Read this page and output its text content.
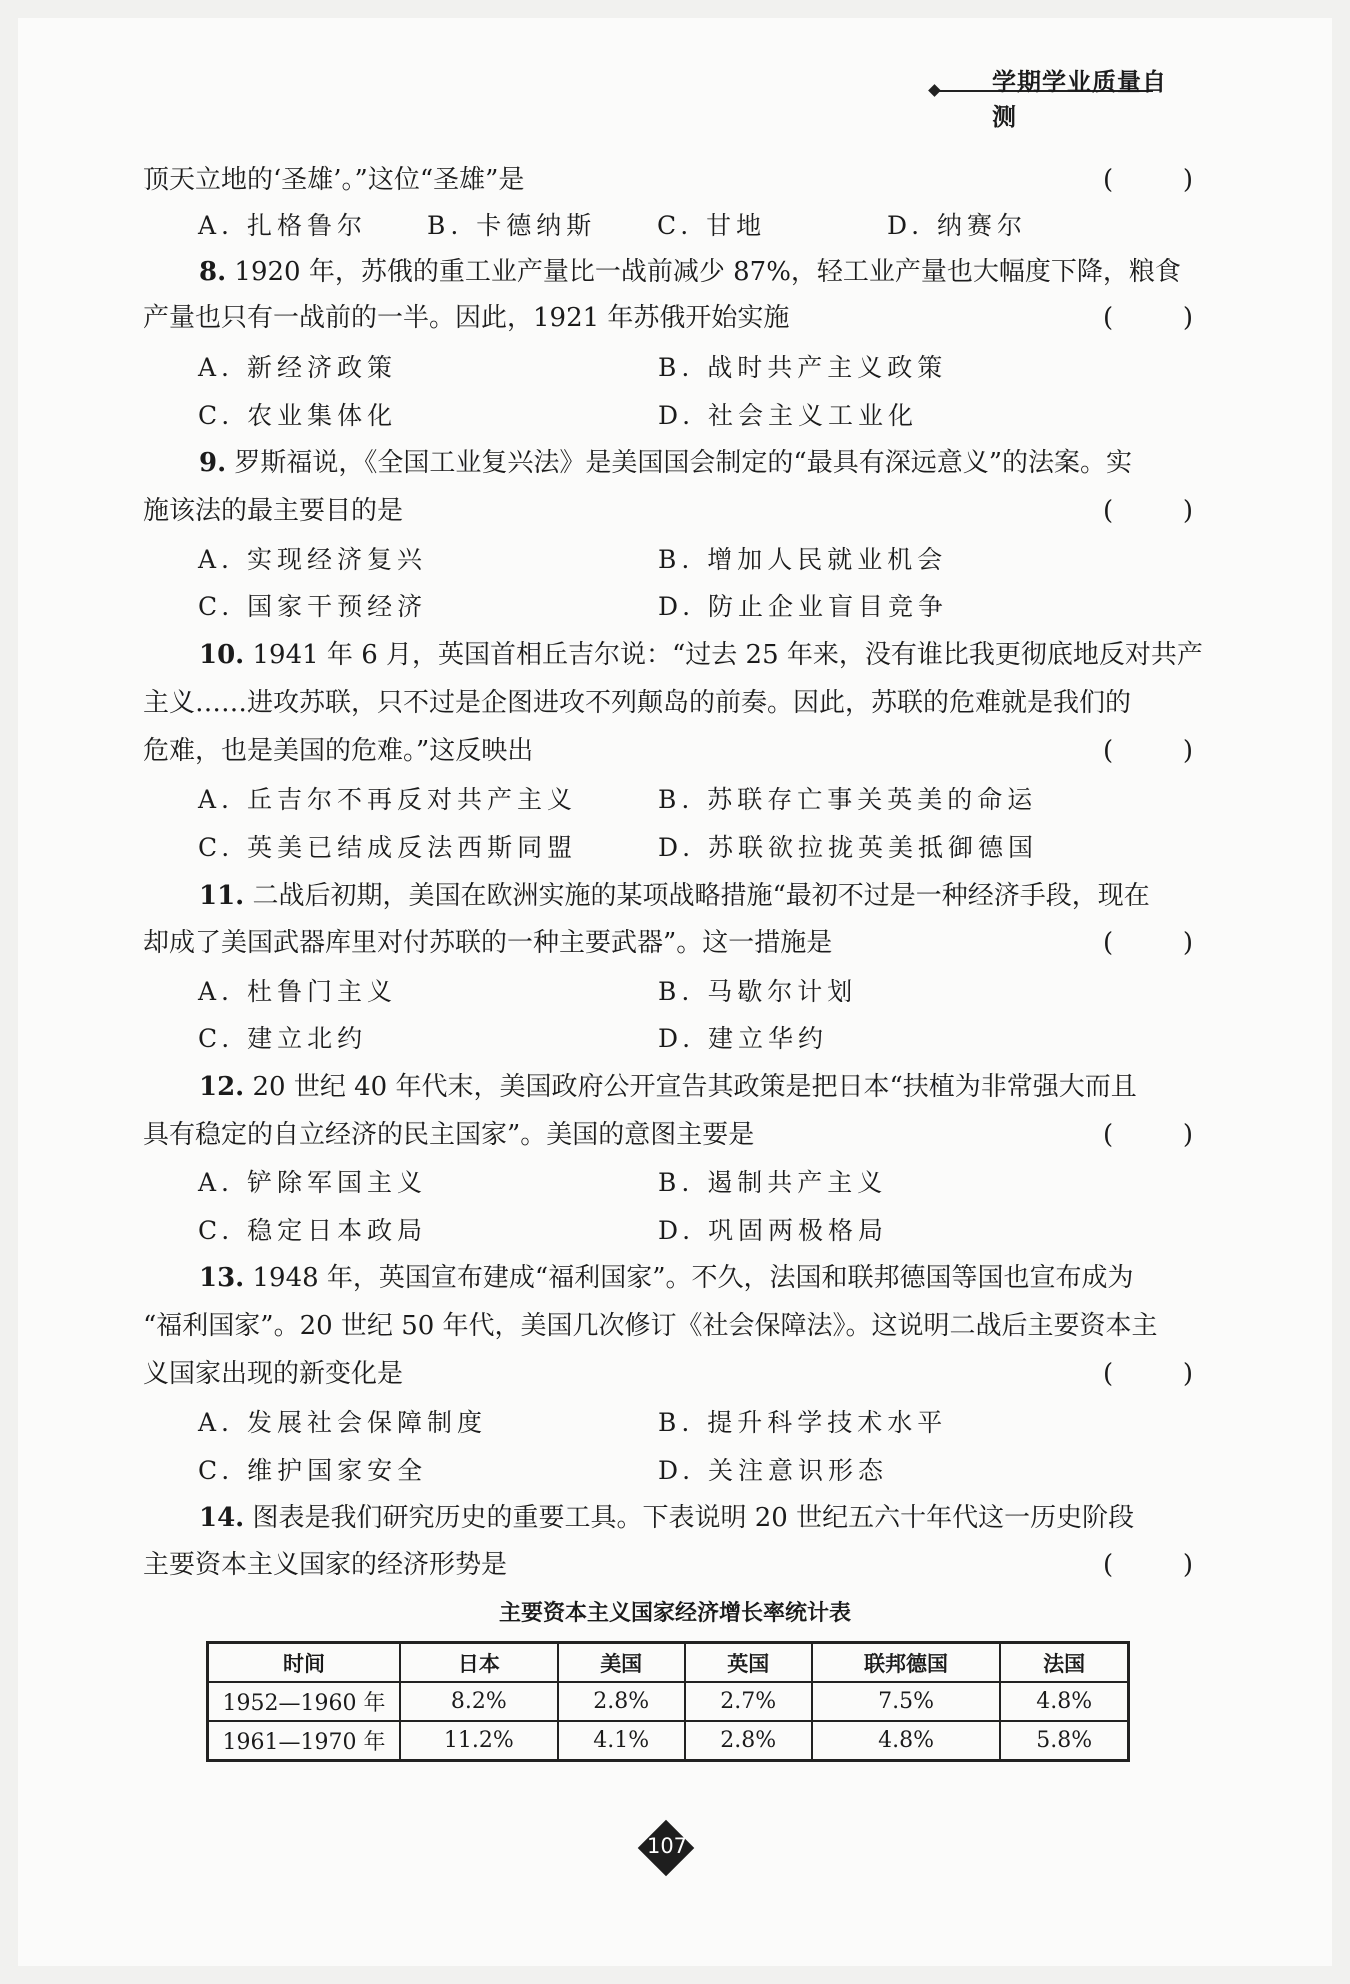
学期学业质量自测
顶天立地的‘圣雄’。”这位“圣雄”是	(	)
A. 扎格鲁尔 B. 卡德纳斯 C. 甘地	D. 纳赛尔
8. 1920 年，苏俄的重工业产量比一战前减少 87%，轻工业产量也大幅度下降，粮食
产量也只有一战前的一半。因此，1921 年苏俄开始实施	(	)
A. 新经济政策	B. 战时共产主义政策
C. 农业集体化	D. 社会主义工业化
9. 罗斯福说，《全国工业复兴法》是美国国会制定的“最具有深远意义”的法案。实
施该法的最主要目的是	(	)
A. 实现经济复兴	B. 增加人民就业机会
C. 国家干预经济	D. 防止企业盲目竞争
10. 1941 年 6 月，英国首相丘吉尔说：“过去 25 年来，没有谁比我更彻底地反对共产
主义……进攻苏联，只不过是企图进攻不列颠岛的前奏。因此，苏联的危难就是我们的
危难，也是美国的危难。”这反映出	(	)
A. 丘吉尔不再反对共产主义	B. 苏联存亡事关英美的命运
C. 英美已结成反法西斯同盟	D. 苏联欲拉拢英美抵御德国
11. 二战后初期，美国在欧洲实施的某项战略措施“最初不过是一种经济手段，现在
却成了美国武器库里对付苏联的一种主要武器”。这一措施是	(	)
A. 杜鲁门主义	B. 马歇尔计划
C. 建立北约	D. 建立华约
12. 20 世纪 40 年代末，美国政府公开宣告其政策是把日本“扶植为非常强大而且
具有稳定的自立经济的民主国家”。美国的意图主要是	(	)
A. 铲除军国主义	B. 遏制共产主义
C. 稳定日本政局	D. 巩固两极格局
13. 1948 年，英国宣布建成“福利国家”。不久，法国和联邦德国等国也宣布成为
“福利国家”。20 世纪 50 年代，美国几次修订《社会保障法》。这说明二战后主要资本主
义国家出现的新变化是	(	)
A. 发展社会保障制度	B. 提升科学技术水平
C. 维护国家安全	D. 关注意识形态
14. 图表是我们研究历史的重要工具。下表说明 20 世纪五六十年代这一历史阶段
主要资本主义国家的经济形势是	(	)
主要资本主义国家经济增长率统计表
时间	日本	美国	英国	联邦德国	法国
1952—1960 年	8.2%	2.8%	2.7%	7.5%	4.8%
1961—1970 年	11.2%	4.1%	2.8%	4.8%	5.8%
107
